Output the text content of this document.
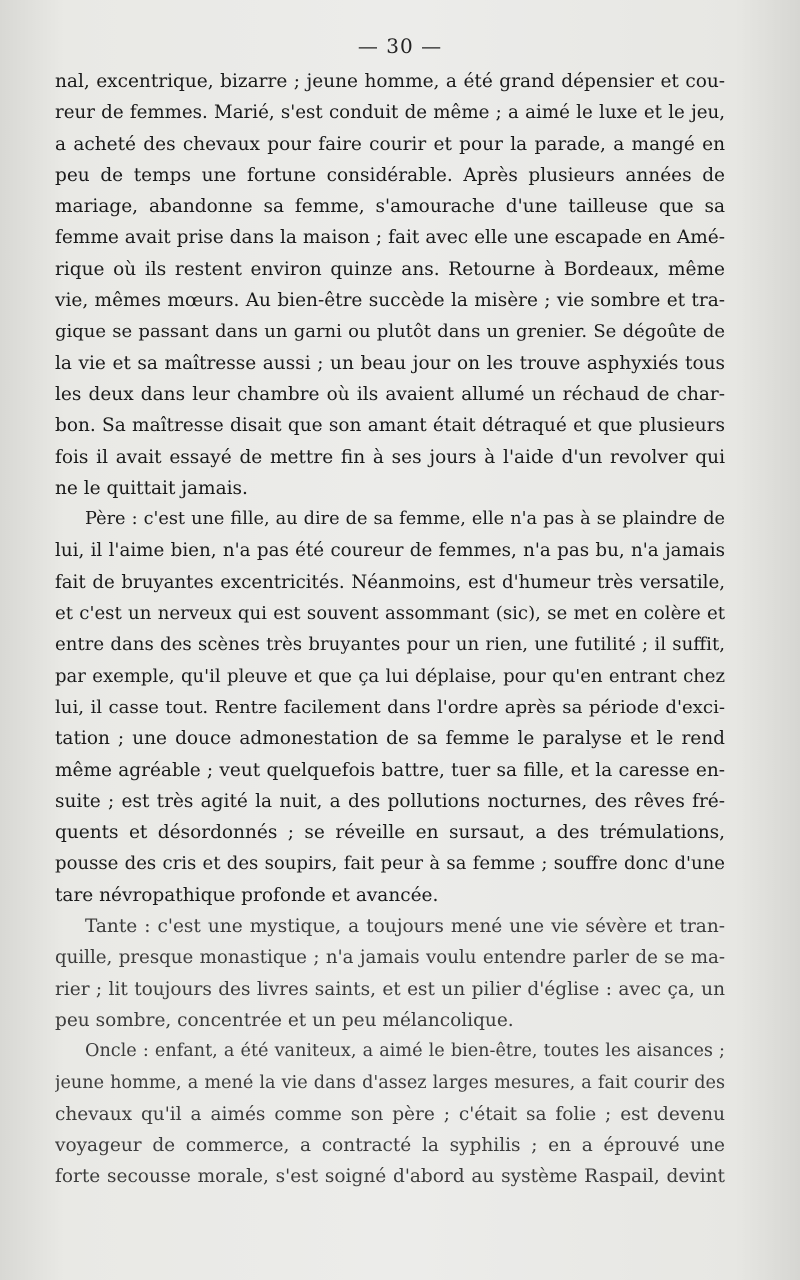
— 30 —
nal, excentrique, bizarre ; jeune homme, a été grand dépensier et cou-
reur de femmes. Marié, s'est conduit de même ; a aimé le luxe et le jeu,
a acheté des chevaux pour faire courir et pour la parade, a mangé en
peu de temps une fortune considérable. Après plusieurs années de
mariage, abandonne sa femme, s'amourache d'une tailleuse que sa
femme avait prise dans la maison ; fait avec elle une escapade en Amé-
rique où ils restent environ quinze ans. Retourne à Bordeaux, même
vie, mêmes mœurs. Au bien-être succède la misère ; vie sombre et tra-
gique se passant dans un garni ou plutôt dans un grenier. Se dégoûte de
la vie et sa maîtresse aussi ; un beau jour on les trouve asphyxiés tous
les deux dans leur chambre où ils avaient allumé un réchaud de char-
bon. Sa maîtresse disait que son amant était détraqué et que plusieurs
fois il avait essayé de mettre fin à ses jours à l'aide d'un revolver qui
ne le quittait jamais.
Père : c'est une fille, au dire de sa femme, elle n'a pas à se plaindre de
lui, il l'aime bien, n'a pas été coureur de femmes, n'a pas bu, n'a jamais
fait de bruyantes excentricités. Néanmoins, est d'humeur très versatile,
et c'est un nerveux qui est souvent assommant (sic), se met en colère et
entre dans des scènes très bruyantes pour un rien, une futilité ; il suffit,
par exemple, qu'il pleuve et que ça lui déplaise, pour qu'en entrant chez
lui, il casse tout. Rentre facilement dans l'ordre après sa période d'exci-
tation ; une douce admonestation de sa femme le paralyse et le rend
même agréable ; veut quelquefois battre, tuer sa fille, et la caresse en-
suite ; est très agité la nuit, a des pollutions nocturnes, des rêves fré-
quents et désordonnés ; se réveille en sursaut, a des trémulations,
pousse des cris et des soupirs, fait peur à sa femme ; souffre donc d'une
tare névropathique profonde et avancée.
Tante : c'est une mystique, a toujours mené une vie sévère et tran-
quille, presque monastique ; n'a jamais voulu entendre parler de se ma-
rier ; lit toujours des livres saints, et est un pilier d'église : avec ça, un
peu sombre, concentrée et un peu mélancolique.
Oncle : enfant, a été vaniteux, a aimé le bien-être, toutes les aisances ;
jeune homme, a mené la vie dans d'assez larges mesures, a fait courir des
chevaux qu'il a aimés comme son père ; c'était sa folie ; est devenu
voyageur de commerce, a contracté la syphilis ; en a éprouvé une
forte secousse morale, s'est soigné d'abord au système Raspail, devint
